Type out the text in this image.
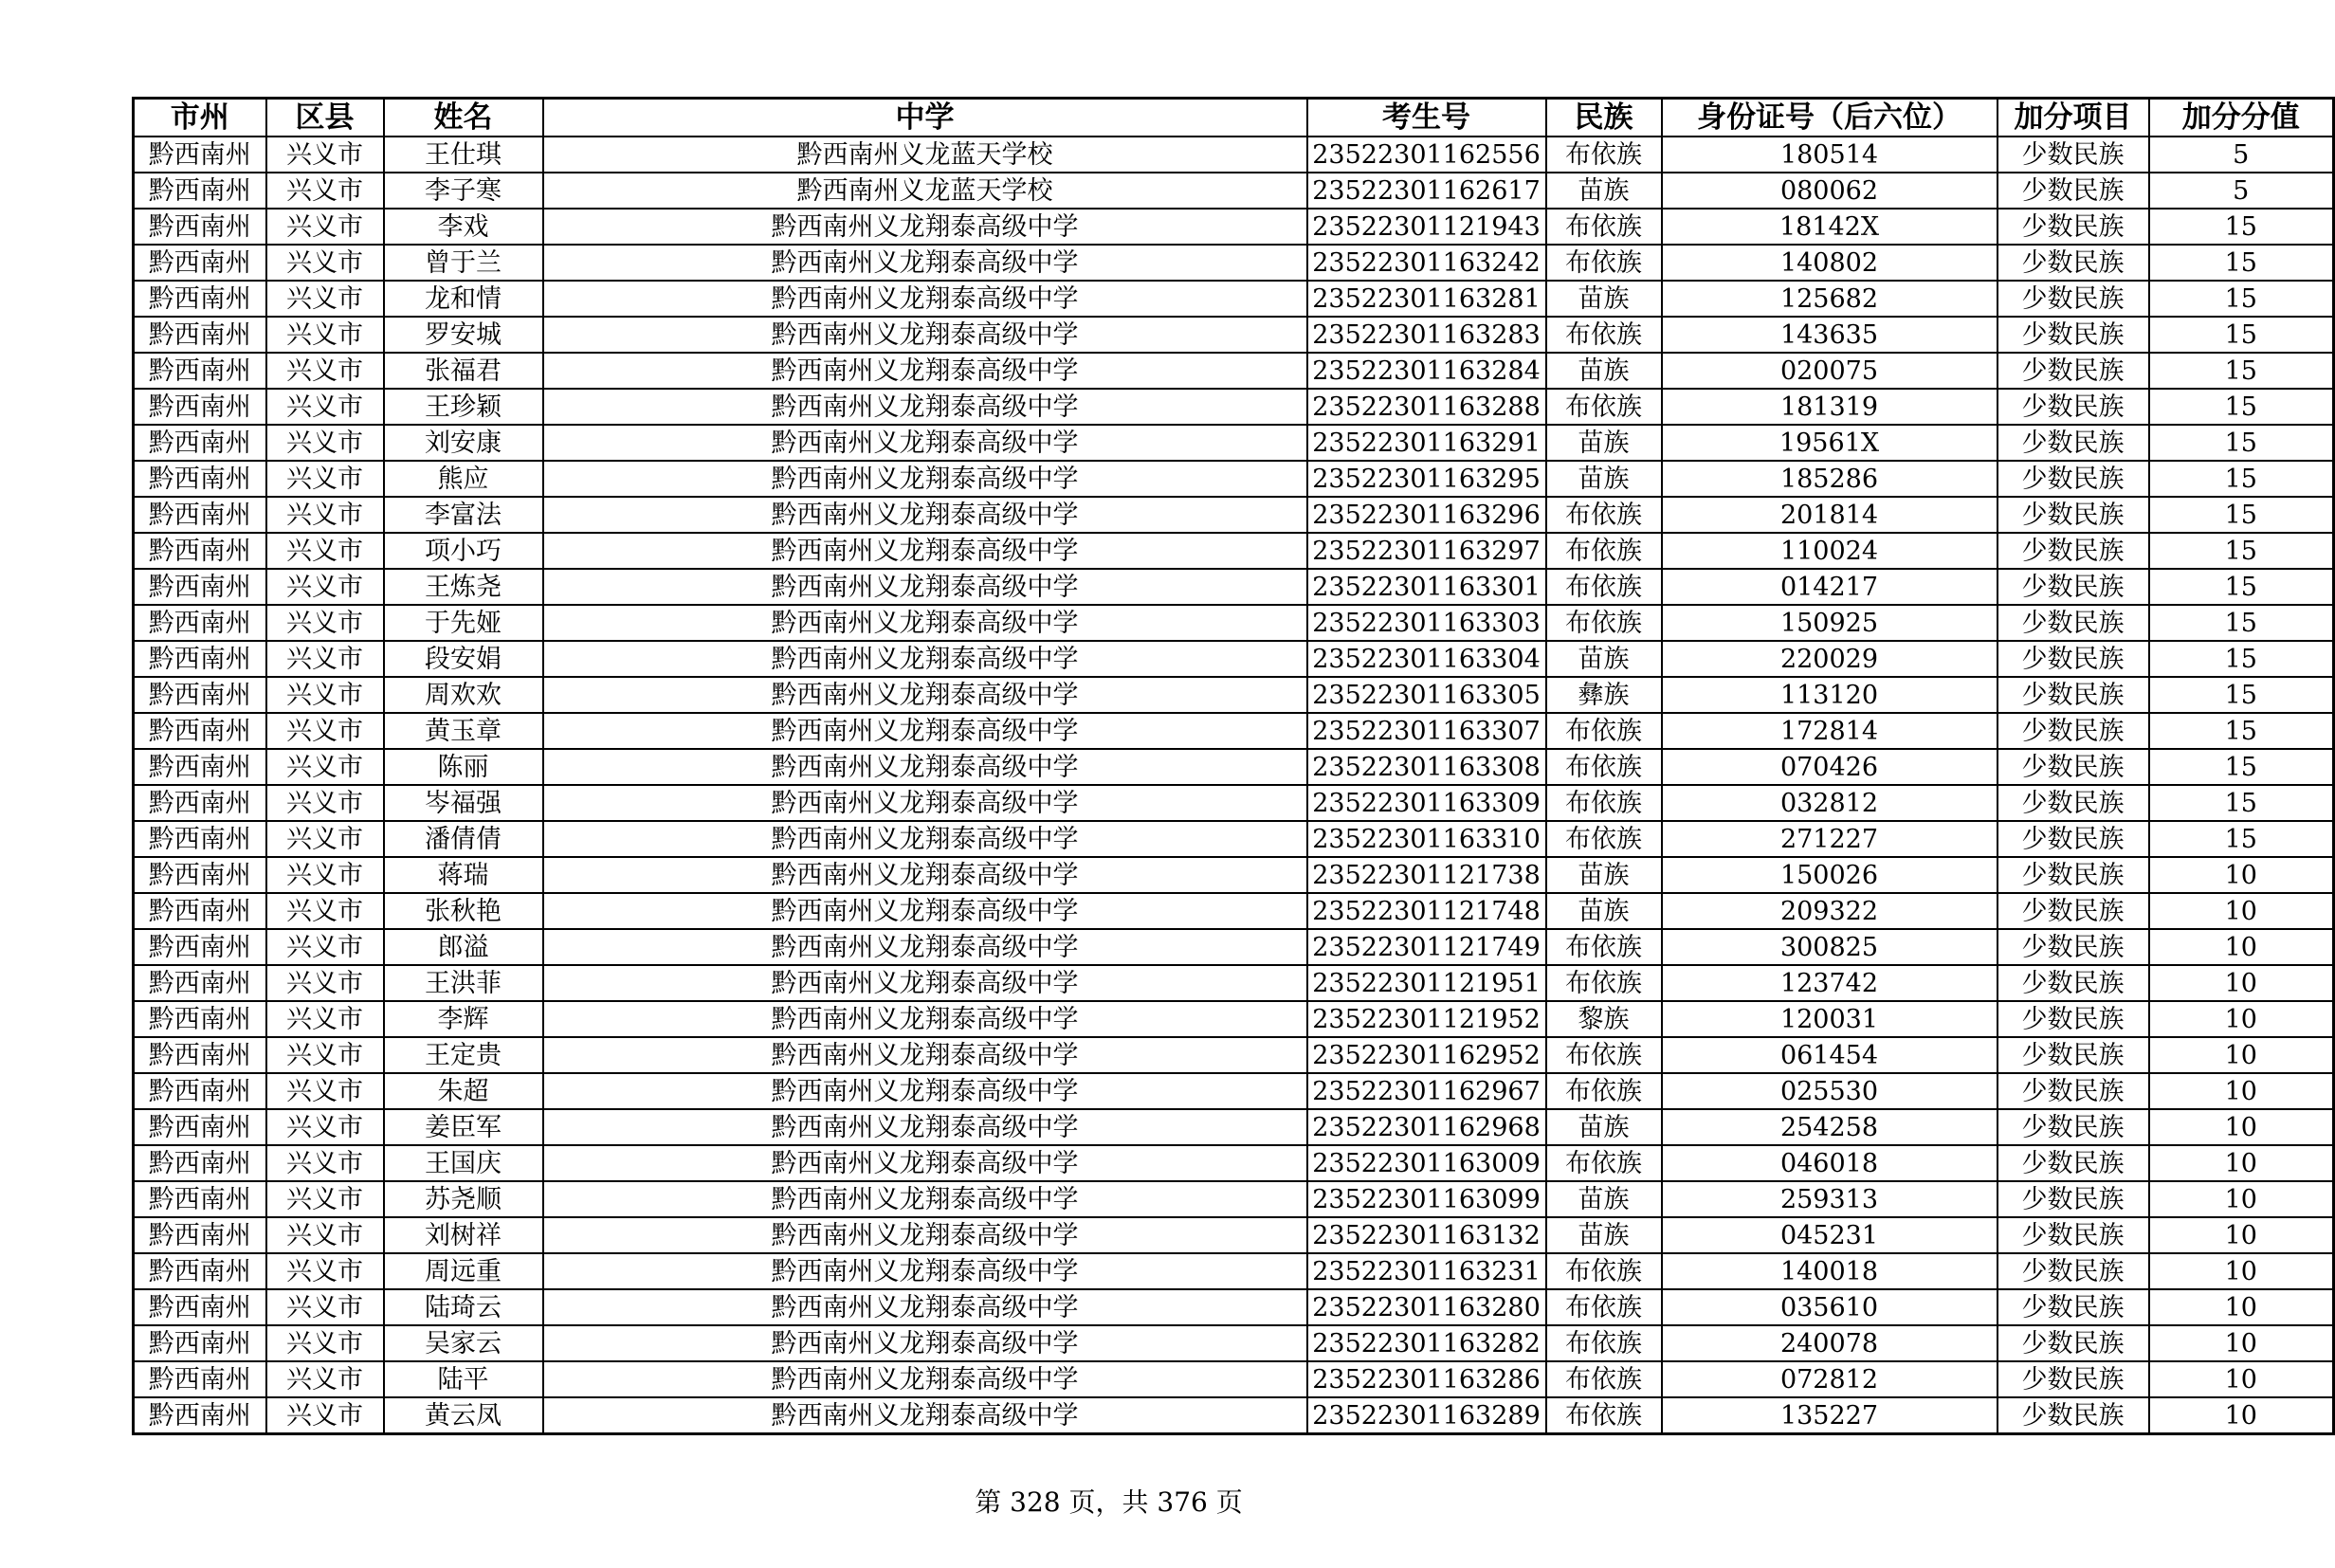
市州	区县	姓名	中学	考生号	民族	身份证号（后六位）	加分项目	加分分值
黔西南州	兴义市	王仕琪	黔西南州义龙蓝天学校	23522301162556	布依族	180514	少数民族	5
黔西南州	兴义市	李子寒	黔西南州义龙蓝天学校	23522301162617	苗族	080062	少数民族	5
黔西南州	兴义市	李戏	黔西南州义龙翔泰高级中学	23522301121943	布依族	18142X	少数民族	15
黔西南州	兴义市	曾于兰	黔西南州义龙翔泰高级中学	23522301163242	布依族	140802	少数民族	15
黔西南州	兴义市	龙和情	黔西南州义龙翔泰高级中学	23522301163281	苗族	125682	少数民族	15
黔西南州	兴义市	罗安城	黔西南州义龙翔泰高级中学	23522301163283	布依族	143635	少数民族	15
黔西南州	兴义市	张福君	黔西南州义龙翔泰高级中学	23522301163284	苗族	020075	少数民族	15
黔西南州	兴义市	王珍颖	黔西南州义龙翔泰高级中学	23522301163288	布依族	181319	少数民族	15
黔西南州	兴义市	刘安康	黔西南州义龙翔泰高级中学	23522301163291	苗族	19561X	少数民族	15
黔西南州	兴义市	熊应	黔西南州义龙翔泰高级中学	23522301163295	苗族	185286	少数民族	15
黔西南州	兴义市	李富法	黔西南州义龙翔泰高级中学	23522301163296	布依族	201814	少数民族	15
黔西南州	兴义市	项小巧	黔西南州义龙翔泰高级中学	23522301163297	布依族	110024	少数民族	15
黔西南州	兴义市	王炼尧	黔西南州义龙翔泰高级中学	23522301163301	布依族	014217	少数民族	15
黔西南州	兴义市	于先娅	黔西南州义龙翔泰高级中学	23522301163303	布依族	150925	少数民族	15
黔西南州	兴义市	段安娟	黔西南州义龙翔泰高级中学	23522301163304	苗族	220029	少数民族	15
黔西南州	兴义市	周欢欢	黔西南州义龙翔泰高级中学	23522301163305	彝族	113120	少数民族	15
黔西南州	兴义市	黄玉章	黔西南州义龙翔泰高级中学	23522301163307	布依族	172814	少数民族	15
黔西南州	兴义市	陈丽	黔西南州义龙翔泰高级中学	23522301163308	布依族	070426	少数民族	15
黔西南州	兴义市	岑福强	黔西南州义龙翔泰高级中学	23522301163309	布依族	032812	少数民族	15
黔西南州	兴义市	潘倩倩	黔西南州义龙翔泰高级中学	23522301163310	布依族	271227	少数民族	15
黔西南州	兴义市	蒋瑞	黔西南州义龙翔泰高级中学	23522301121738	苗族	150026	少数民族	10
黔西南州	兴义市	张秋艳	黔西南州义龙翔泰高级中学	23522301121748	苗族	209322	少数民族	10
黔西南州	兴义市	郎溢	黔西南州义龙翔泰高级中学	23522301121749	布依族	300825	少数民族	10
黔西南州	兴义市	王洪菲	黔西南州义龙翔泰高级中学	23522301121951	布依族	123742	少数民族	10
黔西南州	兴义市	李辉	黔西南州义龙翔泰高级中学	23522301121952	黎族	120031	少数民族	10
黔西南州	兴义市	王定贵	黔西南州义龙翔泰高级中学	23522301162952	布依族	061454	少数民族	10
黔西南州	兴义市	朱超	黔西南州义龙翔泰高级中学	23522301162967	布依族	025530	少数民族	10
黔西南州	兴义市	姜臣军	黔西南州义龙翔泰高级中学	23522301162968	苗族	254258	少数民族	10
黔西南州	兴义市	王国庆	黔西南州义龙翔泰高级中学	23522301163009	布依族	046018	少数民族	10
黔西南州	兴义市	苏尧顺	黔西南州义龙翔泰高级中学	23522301163099	苗族	259313	少数民族	10
黔西南州	兴义市	刘树祥	黔西南州义龙翔泰高级中学	23522301163132	苗族	045231	少数民族	10
黔西南州	兴义市	周远重	黔西南州义龙翔泰高级中学	23522301163231	布依族	140018	少数民族	10
黔西南州	兴义市	陆琦云	黔西南州义龙翔泰高级中学	23522301163280	布依族	035610	少数民族	10
黔西南州	兴义市	吴家云	黔西南州义龙翔泰高级中学	23522301163282	布依族	240078	少数民族	10
黔西南州	兴义市	陆平	黔西南州义龙翔泰高级中学	23522301163286	布依族	072812	少数民族	10
黔西南州	兴义市	黄云凤	黔西南州义龙翔泰高级中学	23522301163289	布依族	135227	少数民族	10
第 328 页，共 376 页
